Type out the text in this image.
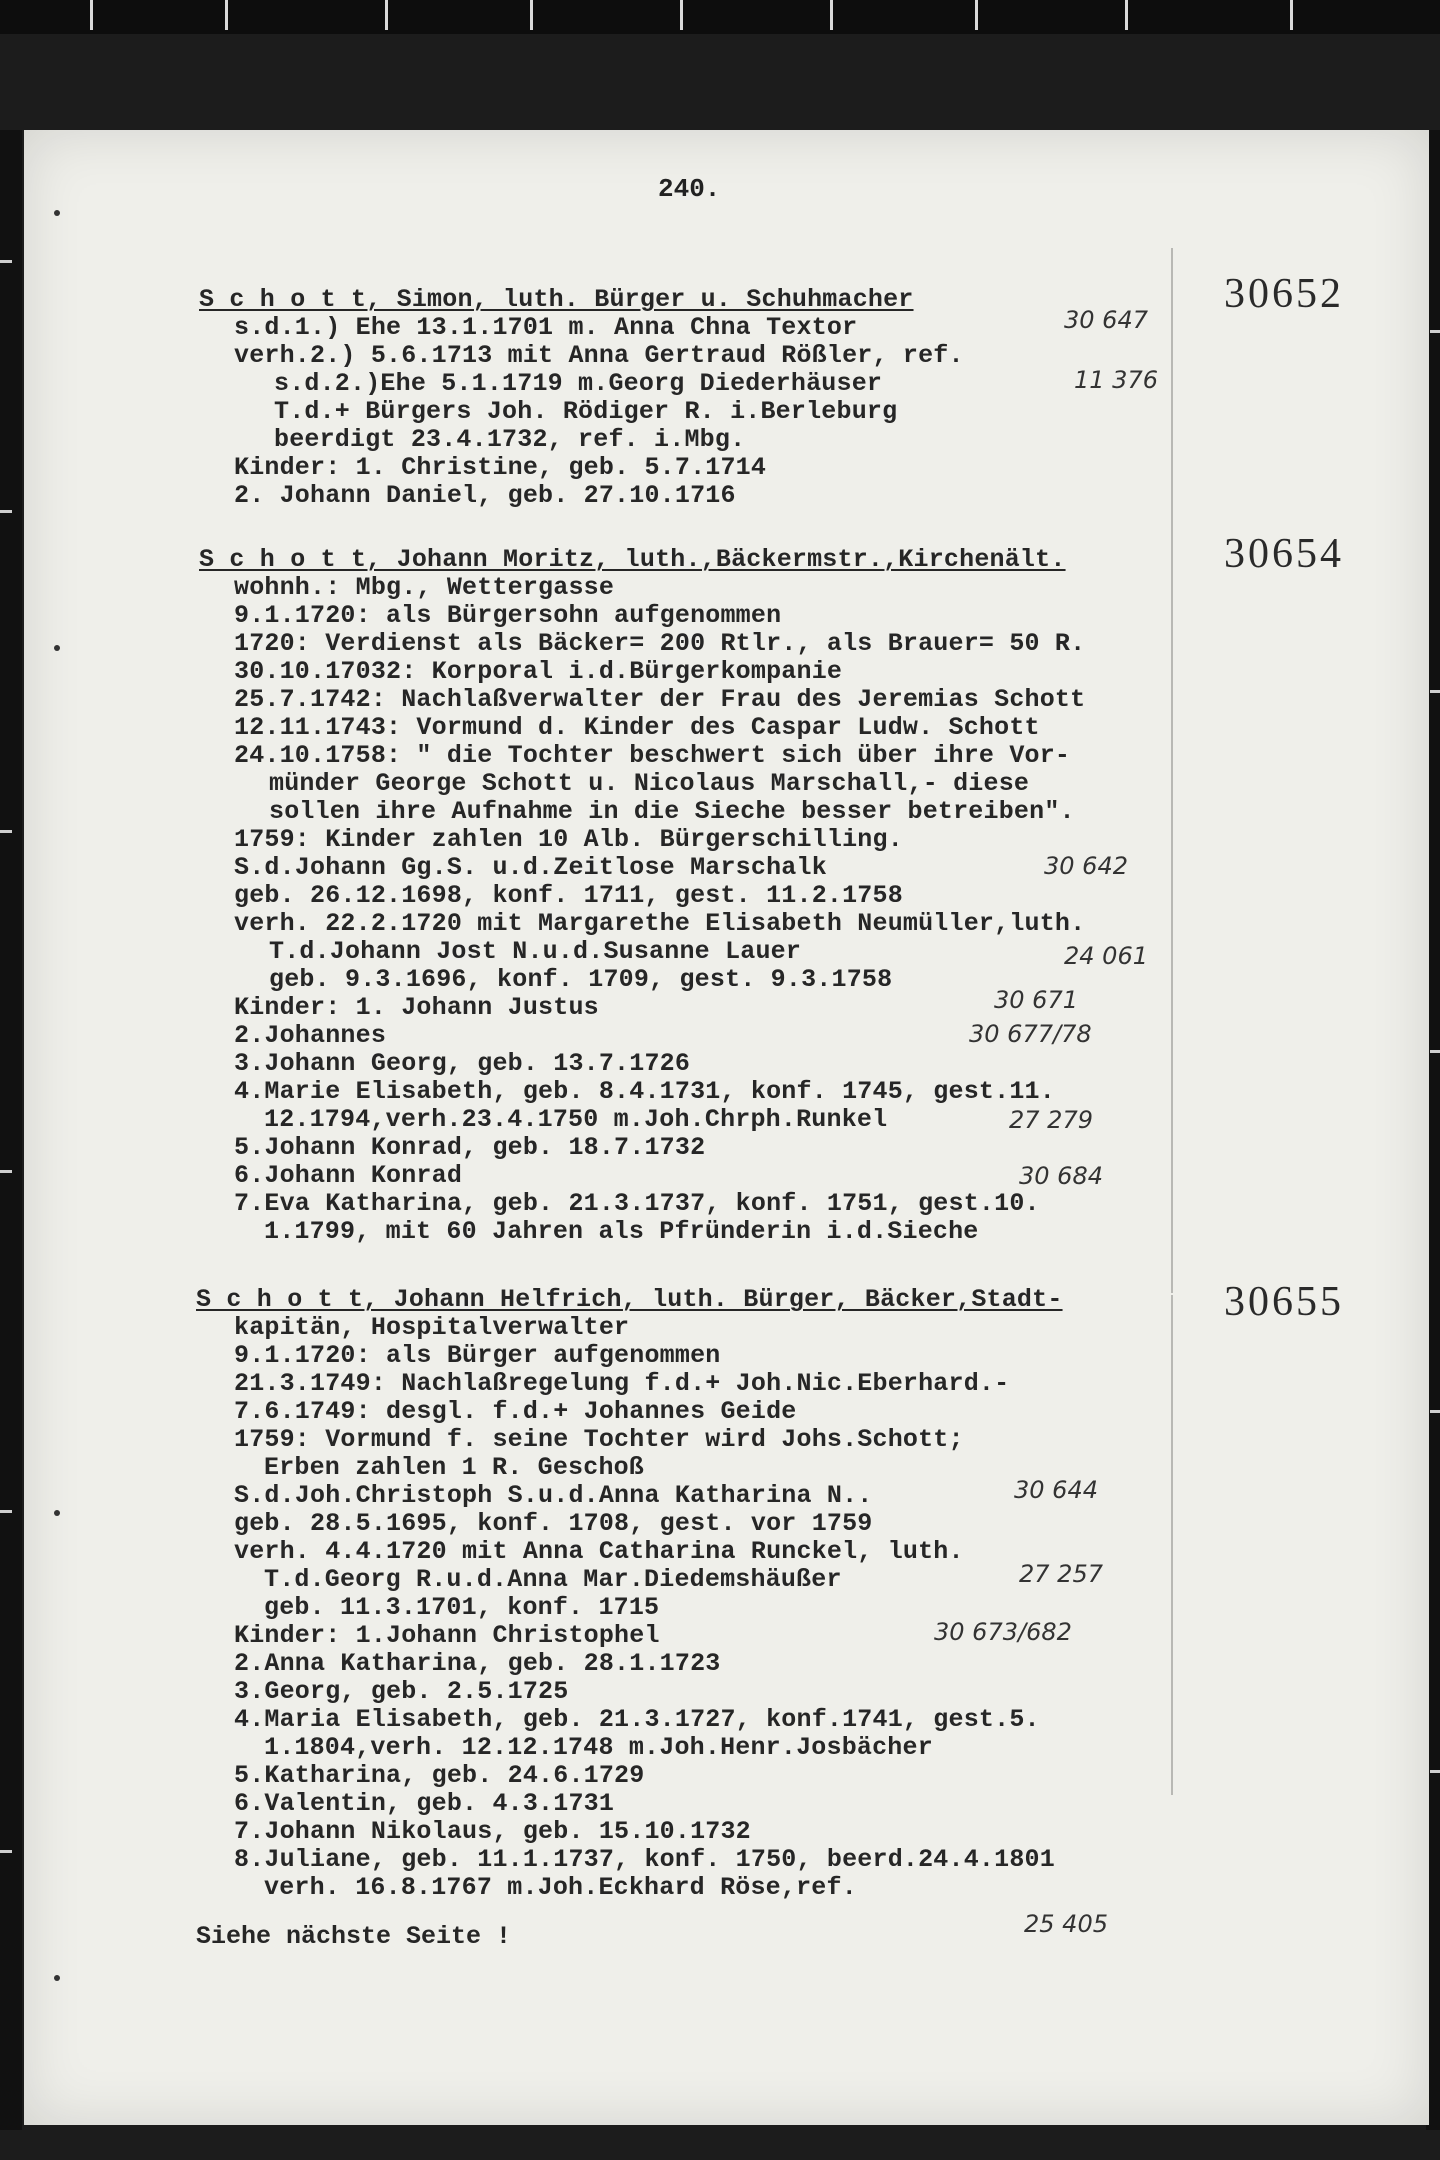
240.
30652
S c h o t t, Simon, luth. Bürger u. Schuhmacher
s.d.1.) Ehe 13.1.1701 m. Anna Chna Textor
verh.2.) 5.6.1713 mit Anna Gertraud Rößler, ref.
s.d.2.)Ehe 5.1.1719 m.Georg Diederhäuser
T.d.+ Bürgers Joh. Rödiger R. i.Berleburg
beerdigt 23.4.1732, ref. i.Mbg.
Kinder: 1. Christine, geb. 5.7.1714
2. Johann Daniel, geb. 27.10.1716
30 647
11 376
30654
S c h o t t, Johann Moritz, luth.,Bäckermstr.,Kirchenält.
wohnh.: Mbg., Wettergasse
9.1.1720: als Bürgersohn aufgenommen
1720: Verdienst als Bäcker= 200 Rtlr., als Brauer= 50 R.
30.10.17032: Korporal i.d.Bürgerkompanie
25.7.1742: Nachlaßverwalter der Frau des Jeremias Schott
12.11.1743: Vormund d. Kinder des Caspar Ludw. Schott
24.10.1758: " die Tochter beschwert sich über ihre Vor-
münder George Schott u. Nicolaus Marschall,- diese
sollen ihre Aufnahme in die Sieche besser betreiben".
1759: Kinder zahlen 10 Alb. Bürgerschilling.
S.d.Johann Gg.S. u.d.Zeitlose Marschalk
geb. 26.12.1698, konf. 1711, gest. 11.2.1758
verh. 22.2.1720 mit Margarethe Elisabeth Neumüller,luth.
T.d.Johann Jost N.u.d.Susanne Lauer
geb. 9.3.1696, konf. 1709, gest. 9.3.1758
Kinder: 1. Johann Justus
2.Johannes
3.Johann Georg, geb. 13.7.1726
4.Marie Elisabeth, geb. 8.4.1731, konf. 1745, gest.11.
12.1794,verh.23.4.1750 m.Joh.Chrph.Runkel
5.Johann Konrad, geb. 18.7.1732
6.Johann Konrad
7.Eva Katharina, geb. 21.3.1737, konf. 1751, gest.10.
1.1799, mit 60 Jahren als Pfründerin i.d.Sieche
30 642
24 061
30 671
30 677/78
27 279
30 684
30655
S c h o t t, Johann Helfrich, luth. Bürger, Bäcker,Stadt-
kapitän, Hospitalverwalter
9.1.1720: als Bürger aufgenommen
21.3.1749: Nachlaßregelung f.d.+ Joh.Nic.Eberhard.-
7.6.1749: desgl. f.d.+ Johannes Geide
1759: Vormund f. seine Tochter wird Johs.Schott;
Erben zahlen 1 R. Geschoß
S.d.Joh.Christoph S.u.d.Anna Katharina N..
geb. 28.5.1695, konf. 1708, gest. vor 1759
verh. 4.4.1720 mit Anna Catharina Runckel, luth.
T.d.Georg R.u.d.Anna Mar.Diedemshäußer
geb. 11.3.1701, konf. 1715
Kinder: 1.Johann Christophel
2.Anna Katharina, geb. 28.1.1723
3.Georg, geb. 2.5.1725
4.Maria Elisabeth, geb. 21.3.1727, konf.1741, gest.5.
1.1804,verh. 12.12.1748 m.Joh.Henr.Josbächer
5.Katharina, geb. 24.6.1729
6.Valentin, geb. 4.3.1731
7.Johann Nikolaus, geb. 15.10.1732
8.Juliane, geb. 11.1.1737, konf. 1750, beerd.24.4.1801
verh. 16.8.1767 m.Joh.Eckhard Röse,ref.
30 644
27 257
30 673/682
Siehe nächste Seite !	25 405
